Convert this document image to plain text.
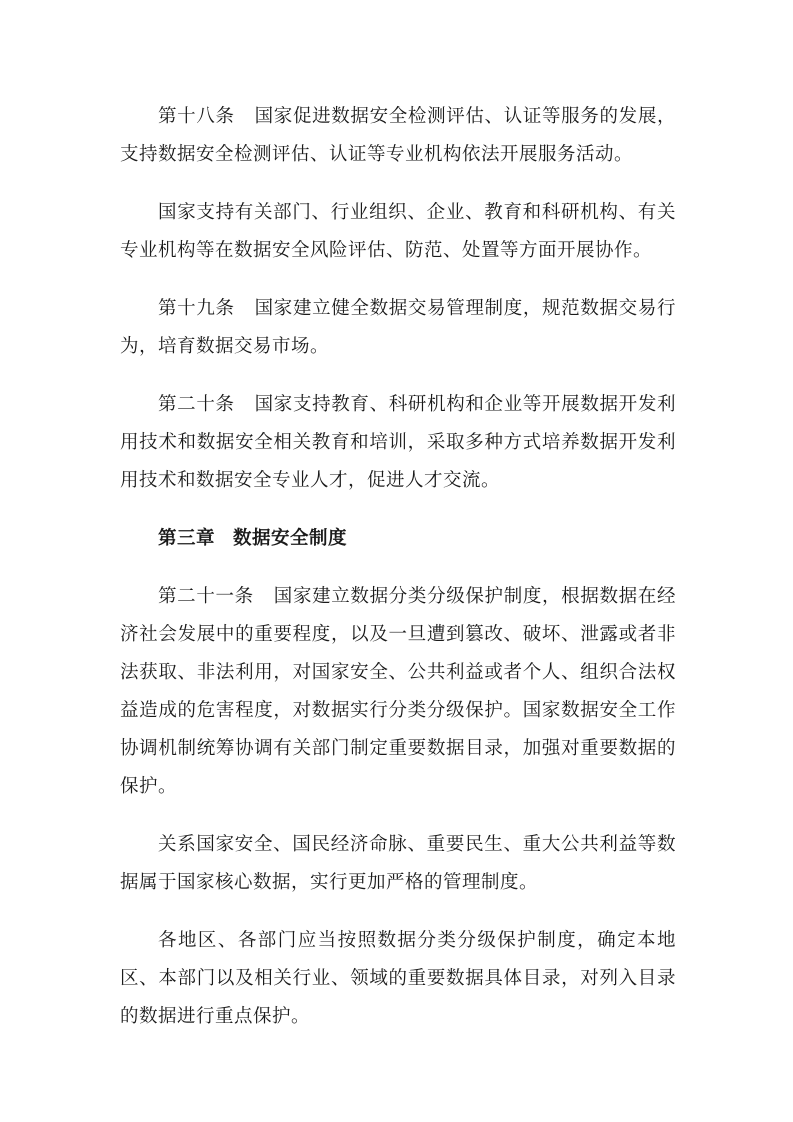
第十八条 国家促进数据安全检测评估、认证等服务的发展，支持数据安全检测评估、认证等专业机构依法开展服务活动。

国家支持有关部门、行业组织、企业、教育和科研机构、有关专业机构等在数据安全风险评估、防范、处置等方面开展协作。

第十九条 国家建立健全数据交易管理制度，规范数据交易行为，培育数据交易市场。

第二十条 国家支持教育、科研机构和企业等开展数据开发利用技术和数据安全相关教育和培训，采取多种方式培养数据开发利用技术和数据安全专业人才，促进人才交流。

第三章 数据安全制度

第二十一条 国家建立数据分类分级保护制度，根据数据在经济社会发展中的重要程度，以及一旦遭到篡改、破坏、泄露或者非法获取、非法利用，对国家安全、公共利益或者个人、组织合法权益造成的危害程度，对数据实行分类分级保护。国家数据安全工作协调机制统筹协调有关部门制定重要数据目录，加强对重要数据的保护。

关系国家安全、国民经济命脉、重要民生、重大公共利益等数据属于国家核心数据，实行更加严格的管理制度。

各地区、各部门应当按照数据分类分级保护制度，确定本地区、本部门以及相关行业、领域的重要数据具体目录，对列入目录的数据进行重点保护。
